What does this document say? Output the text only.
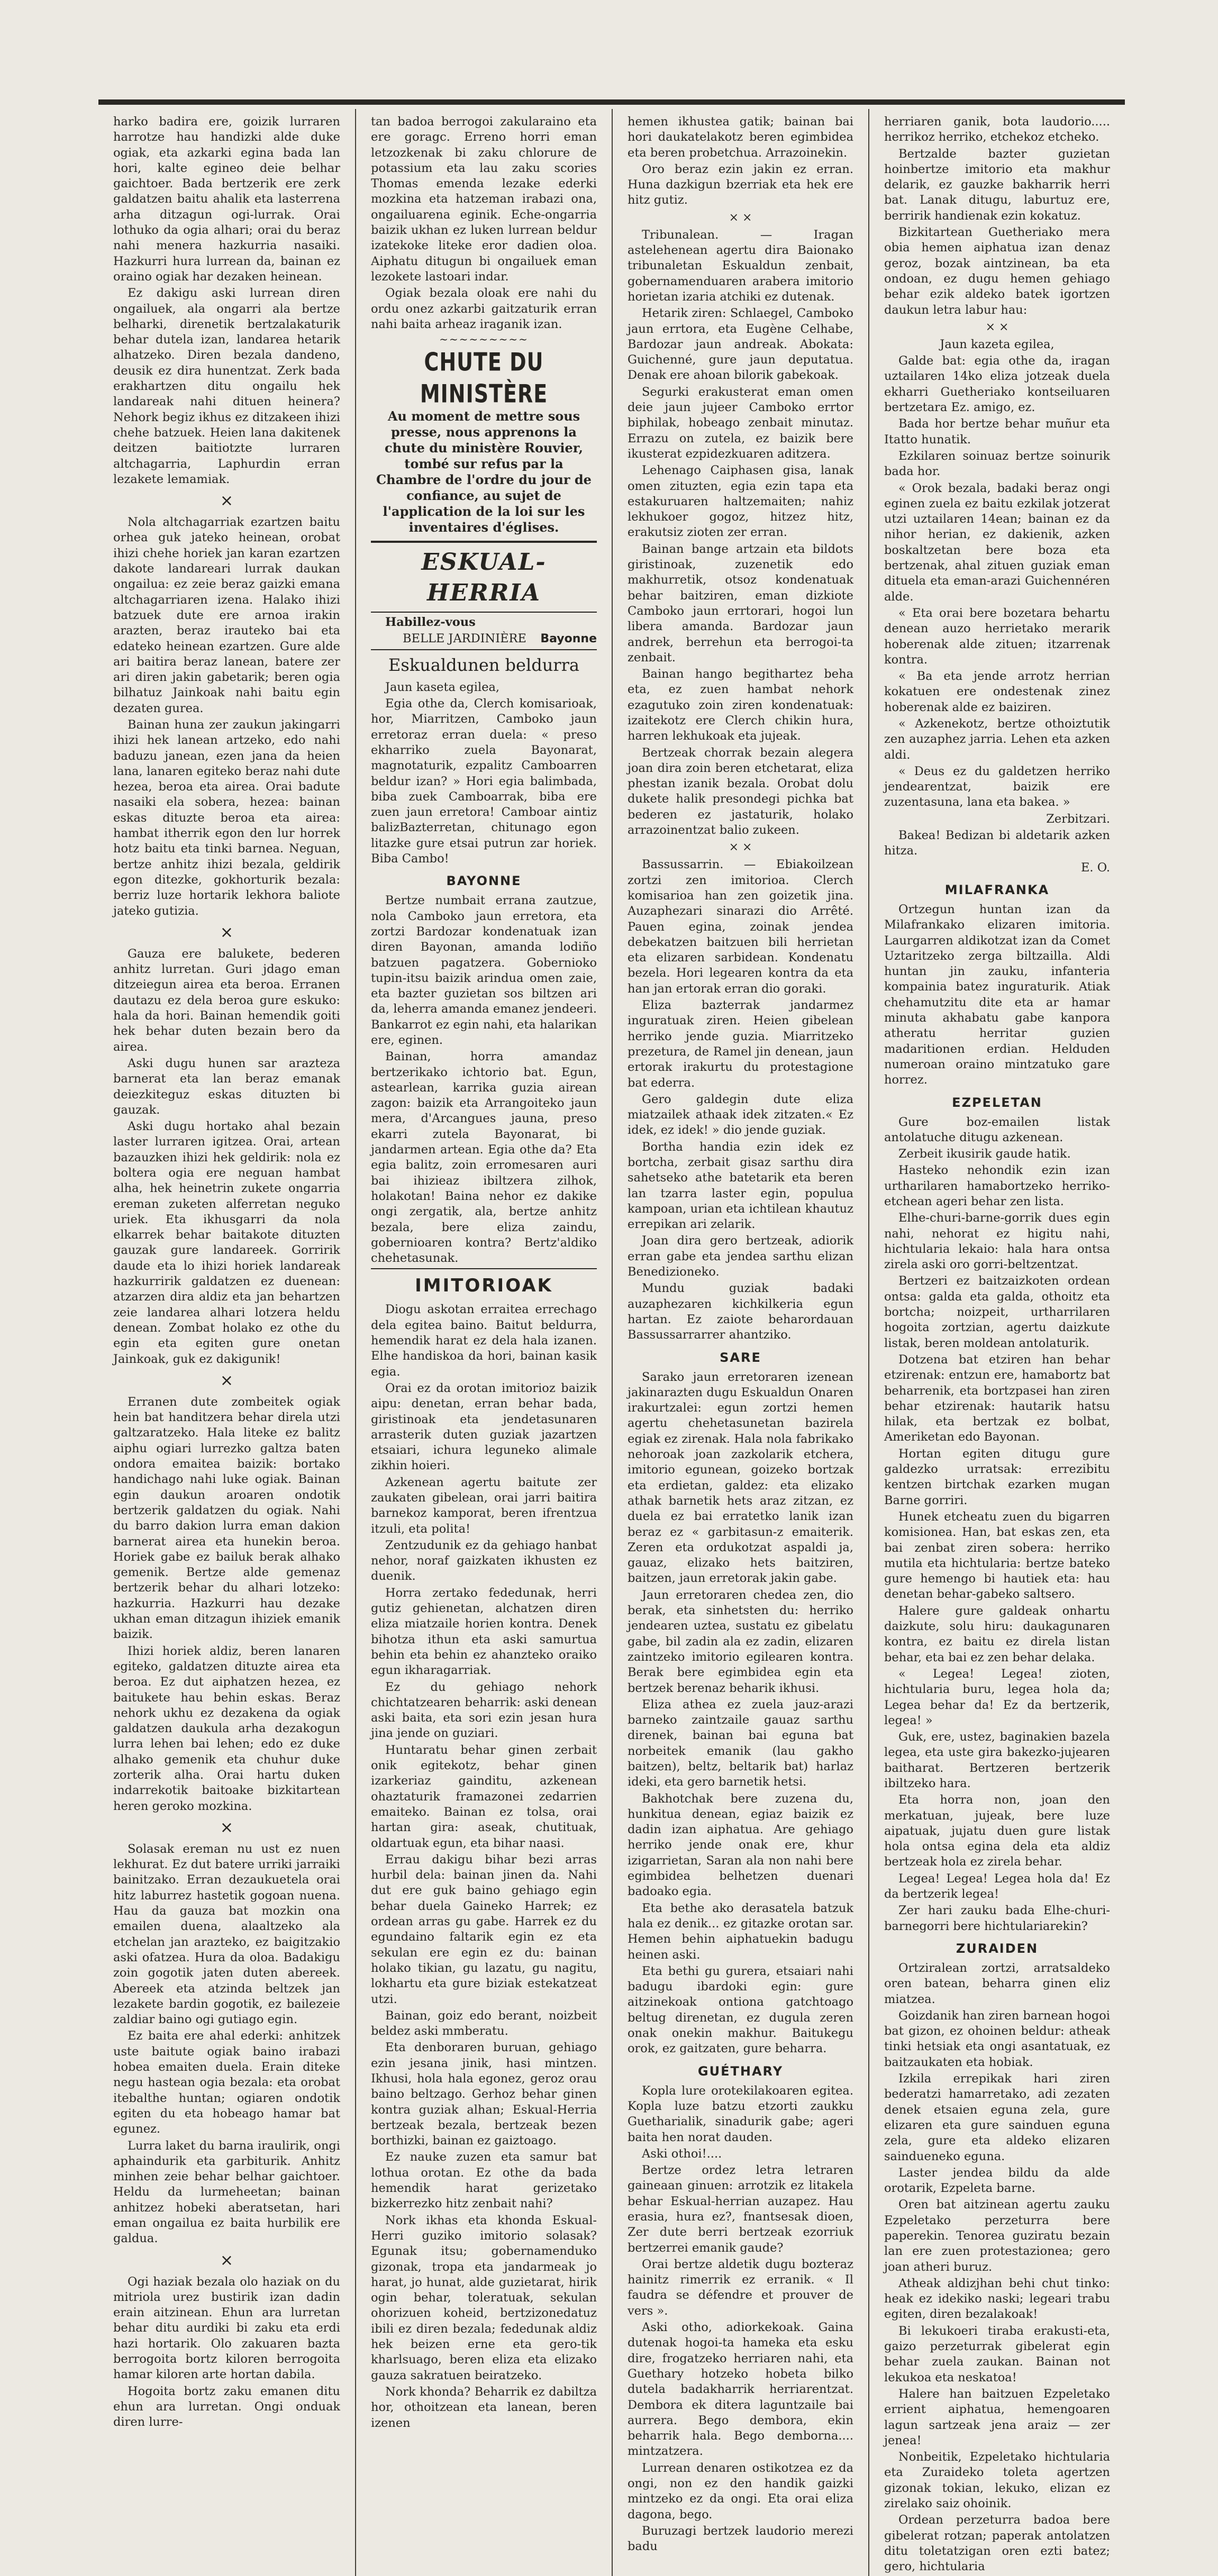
harko badira ere, goizik lurraren harrotze hau handizki alde duke ogiak, eta azkarki egina bada lan hori, kalte egineo deie belhar gaichtoer. Bada bertzerik ere zerk galdatzen baitu ahalik eta lasterrena arha ditzagun ogi-lurrak. Orai lothuko da ogia alhari; orai du beraz nahi menera hazkurria nasaiki. Hazkurri hura lurrean da, bainan ez oraino ogiak har dezaken heinean.

Ez dakigu aski lurrean diren ongailuek, ala ongarri ala bertze belharki, direnetik bertzalakaturik behar dutela izan, landarea hetarik alhatzeko. Diren bezala dandeno, deusik ez dira hunentzat. Zerk bada erakhartzen ditu ongailu hek landareak nahi dituen heinera? Nehork begiz ikhus ez ditzakeen ihizi chehe batzuek. Heien lana dakitenek deitzen baitiotzte lurraren altchagarria, Laphurdin erran lezakete lemamiak.

×

Nola altchagarriak ezartzen baitu orhea guk jateko heinean, orobat ihizi chehe horiek jan karan ezartzen dakote landareari lurrak daukan ongailua: ez zeie beraz gaizki emana altchagarriaren izena. Halako ihizi batzuek dute ere arnoa irakin arazten, beraz irauteko bai eta edateko heinean ezartzen. Gure alde ari baitira beraz lanean, batere zer ari diren jakin gabetarik; beren ogia bilhatuz Jainkoak nahi baitu egin dezaten gurea.

Bainan huna zer zaukun jakingarri ihizi hek lanean artzeko, edo nahi baduzu janean, ezen jana da heien lana, lanaren egiteko beraz nahi dute hezea, beroa eta airea. Orai badute nasaiki ela sobera, hezea: bainan eskas dituzte beroa eta airea: hambat itherrik egon den lur horrek hotz baitu eta tinki barnea. Neguan, bertze anhitz ihizi bezala, geldirik egon ditezke, gokhorturik bezala: berriz luze hortarik lekhora baliote jateko gutizia.

×

Gauza ere balukete, bederen anhitz lurretan. Guri jdago eman ditzeiegun airea eta beroa. Erranen dautazu ez dela beroa gure eskuko: hala da hori. Bainan hemendik goiti hek behar duten bezain bero da airea.

Aski dugu hunen sar arazteza barnerat eta lan beraz emanak deiezkiteguz eskas dituzten bi gauzak.

Aski dugu hortako ahal bezain laster lurraren igitzea. Orai, artean bazauzken ihizi hek geldirik: nola ez boltera ogia ere neguan hambat alha, hek heinetrin zukete ongarria ereman zuketen alferretan neguko uriek. Eta ikhusgarri da nola elkarrek behar baitakote dituzten gauzak gure landareek. Gorririk daude eta lo ihizi horiek landareak hazkurririk galdatzen ez duenean: atzarzen dira aldiz eta jan behartzen zeie landarea alhari lotzera heldu denean. Zombat holako ez othe du egin eta egiten gure onetan Jainkoak, guk ez dakigunik!

×

Erranen dute zombeitek ogiak hein bat handitzera behar direla utzi galtzaratzeko. Hala liteke ez balitz aiphu ogiari lurrezko galtza baten ondora emaitea baizik: bortako handichago nahi luke ogiak. Bainan egin daukun aroaren ondotik bertzerik galdatzen du ogiak. Nahi du barro dakion lurra eman dakion barnerat airea eta hunekin beroa. Horiek gabe ez bailuk berak alhako gemenik. Bertze alde gemenaz bertzerik behar du alhari lotzeko: hazkurria. Hazkurri hau dezake ukhan eman ditzagun ihiziek emanik baizik.

Ihizi horiek aldiz, beren lanaren egiteko, galdatzen dituzte airea eta beroa. Ez dut aiphatzen hezea, ez baitukete hau behin eskas. Beraz nehork ukhu ez dezakena da ogiak galdatzen daukula arha dezakogun lurra lehen bai lehen; edo ez duke alhako gemenik eta chuhur duke zorterik alha. Orai hartu duken indarrekotik baitoake bizkitartean heren geroko mozkina.

×

Solasak ereman nu ust ez nuen lekhurat. Ez dut batere urriki jarraiki bainitzako. Erran dezaukuetela orai hitz laburrez hastetik gogoan nuena. Hau da gauza bat mozkin ona emailen duena, alaaltzeko ala etchelan jan arazteko, ez baigitzakio aski ofatzea. Hura da oloa. Badakigu zoin gogotik jaten duten abereek. Abereek eta atzinda beltzek jan lezakete bardin gogotik, ez bailezeie zaldiar baino ogi gutiago egin.

Ez baita ere ahal ederki: anhitzek uste baitute ogiak baino irabazi hobea emaiten duela. Erain diteke negu hastean ogia bezala: eta orobat itebalthe huntan; ogiaren ondotik egiten du eta hobeago hamar bat egunez.

Lurra laket du barna iraulirik, ongi aphaindurik eta garbiturik. Anhitz minhen zeie behar belhar gaichtoer. Heldu da lurmeheetan; bainan anhitzez hobeki aberatsetan, hari eman ongailua ez baita hurbilik ere galdua.

×

Ogi haziak bezala olo haziak on du mitriola urez bustirik izan dadin erain aitzinean. Ehun ara lurretan behar ditu aurdiki bi zaku eta erdi hazi hortarik. Olo zakuaren bazta berrogoita bortz kiloren berrogoita hamar kiloren arte hortan dabila.

Hogoita bortz zaku emanen ditu ehun ara lurretan. Ongi onduak diren lurre-

tan badoa berrogoi zakularaino eta ere goragc. Erreno horri eman letzozkenak bi zaku chlorure de potassium eta lau zaku scories Thomas emenda lezake ederki mozkina eta hatzeman irabazi ona, ongailuarena eginik. Eche-ongarria baizik ukhan ez luken lurrean beldur izatekoke liteke eror dadien oloa. Aiphatu ditugun bi ongailuek eman lezokete lastoari indar.

Ogiak bezala oloak ere nahi du ordu onez azkarbi gaitzaturik erran nahi baita arheaz iraganik izan.

~~~~~~~~~
CHUTE DU MINISTÈRE
Au moment de mettre sous presse, nous apprenons la chute du ministère Rouvier, tombé sur refus par la Chambre de l'ordre du jour de confiance, au sujet de l'application de la loi sur les inventaires d'églises.
ESKUAL-HERRIA

Habillez-vous

BELLE JARDINIÈRE Bayonne
Eskualdunen beldurra

Jaun kaseta egilea,

Egia othe da, Clerch komisarioak, hor, Miarritzen, Camboko jaun erretoraz erran duela: « preso ekharriko zuela Bayonarat, magnotaturik, ezpalitz Camboarren beldur izan? » Hori egia balimbada, biba zuek Camboarrak, biba ere zuen jaun erretora! Camboar aintiz balizBazterretan, chitunago egon litazke gure etsai putrun zar horiek. Biba Cambo!

BAYONNE

Bertze numbait errana zautzue, nola Camboko jaun erretora, eta zortzi Bardozar kondenatuak izan diren Bayonan, amanda lodiño batzuen pagatzera. Gobernioko tupin-itsu baizik arindua omen zaie, eta bazter guzietan sos biltzen ari da, leherra amanda emanez jendeeri. Bankarrot ez egin nahi, eta halarikan ere, eginen.

Bainan, horra amandaz bertzerikako ichtorio bat. Egun, astearlean, karrika guzia airean zagon: baizik eta Arrangoiteko jaun mera, d'Arcangues jauna, preso ekarri zutela Bayonarat, bi jandarmen artean. Egia othe da? Eta egia balitz, zoin erromesaren auri bai ihizieaz ibiltzera zilhok, holakotan! Baina nehor ez dakike ongi zergatik, ala, bertze anhitz bezala, bere eliza zaindu, gobernioaren kontra? Bertz'aldiko chehetasunak.

IMITORIOAK

Diogu askotan erraitea errechago dela egitea baino. Baitut beldurra, hemendik harat ez dela hala izanen. Elhe handiskoa da hori, bainan kasik egia.

Orai ez da orotan imitorioz baizik aipu: denetan, erran behar bada, giristinoak eta jendetasunaren arrasterik duten guziak jazartzen etsaiari, ichura leguneko alimale zikhin hoieri.

Azkenean agertu baitute zer zaukaten gibelean, orai jarri baitira barnekoz kamporat, beren ifrentzua itzuli, eta polita!

Zentzudunik ez da gehiago hanbat nehor, noraf gaizkaten ikhusten ez duenik.

Horra zertako fededunak, herri gutiz gehienetan, alchatzen diren eliza miatzaile horien kontra. Denek bihotza ithun eta aski samurtua behin eta behin ez ahanzteko oraiko egun ikharagarriak.

Ez du gehiago nehork chichtatzearen beharrik: aski denean aski baita, eta sori ezin jesan hura jina jende on guziari.

Huntaratu behar ginen zerbait onik egitekotz, behar ginen izarkeriaz gainditu, azkenean ohaztaturik framazonei zedarrien emaiteko. Bainan ez tolsa, orai hartan gira: aseak, chutituak, oldartuak egun, eta bihar naasi.

Errau dakigu bihar bezi arras hurbil dela: bainan jinen da. Nahi dut ere guk baino gehiago egin behar duela Gaineko Harrek; ez ordean arras gu gabe. Harrek ez du egundaino faltarik egin ez eta sekulan ere egin ez du: bainan holako tikian, gu lazatu, gu nagitu, lokhartu eta gure biziak estekatzeat utzi.

Bainan, goiz edo berant, noizbeit beldez aski mmberatu.

Eta denboraren buruan, gehiago ezin jesana jinik, hasi mintzen. Ikhusi, hola hala egonez, geroz orau baino beltzago. Gerhoz behar ginen kontra guziak alhan; Eskual-Herria bertzeak bezala, bertzeak bezen borthizki, bainan ez gaiztoago.

Ez nauke zuzen eta samur bat lothua orotan. Ez othe da bada hemendik harat gerizetako bizkerrezko hitz zenbait nahi?

Nork ikhas eta khonda Eskual-Herri guziko imitorio solasak? Egunak itsu; gobernamenduko gizonak, tropa eta jandarmeak jo harat, jo hunat, alde guzietarat, hirik ogin behar, toleratuak, sekulan ohorizuen koheid, bertzizonedatuz ibili ez diren bezala; fededunak aldiz hek beizen erne eta gero-tik kharlsuago, beren eliza eta elizako gauza sakratuen beiratzeko.

Nork khonda? Beharrik ez dabiltza hor, othoitzean eta lanean, beren izenen

hemen ikhustea gatik; bainan bai hori daukatelakotz beren egimbidea eta beren probetchua. Arrazoinekin.

Oro beraz ezin jakin ez erran. Huna dazkigun bzerriak eta hek ere hitz gutiz.

× ×

Tribunalean. — Iragan astelehenean agertu dira Baionako tribunaletan Eskualdun zenbait, gobernamenduaren arabera imitorio horietan izaria atchiki ez dutenak.

Hetarik ziren: Schlaegel, Camboko jaun errtora, eta Eugène Celhabe, Bardozar jaun andreak. Abokata: Guichenné, gure jaun deputatua. Denak ere ahoan bilorik gabekoak.

Segurki erakusterat eman omen deie jaun jujeer Camboko errtor biphilak, hobeago zenbait minutaz. Errazu on zutela, ez baizik bere ikusterat ezpidezkuaren aditzera.

Lehenago Caiphasen gisa, lanak omen zituzten, egia ezin tapa eta estakuruaren haltzemaiten; nahiz lekhukoer gogoz, hitzez hitz, erakutsiz zioten zer erran.

Bainan bange artzain eta bildots giristinoak, zuzenetik edo makhurretik, otsoz kondenatuak behar baitziren, eman dizkiote Camboko jaun errtorari, hogoi lun libera amanda. Bardozar jaun andrek, berrehun eta berrogoi-ta zenbait.

Bainan hango begithartez beha eta, ez zuen hambat nehork ezagutuko zoin ziren kondenatuak: izaitekotz ere Clerch chikin hura, harren lekhukoak eta jujeak.

Bertzeak chorrak bezain alegera joan dira zoin beren etchetarat, eliza phestan izanik bezala. Orobat dolu dukete halik presondegi pichka bat bederen ez jastaturik, holako arrazoinentzat balio zukeen.

× ×

Bassussarrin. — Ebiakoilzean zortzi zen imitorioa. Clerch komisarioa han zen goizetik jina. Auzaphezari sinarazi dio Arrêté. Pauen egina, zoinak jendea debekatzen baitzuen bili herrietan eta elizaren sarbidean. Kondenatu bezela. Hori legearen kontra da eta han jan ertorak erran dio goraki.

Eliza bazterrak jandarmez inguratuak ziren. Heien gibelean herriko jende guzia. Miarritzeko prezetura, de Ramel jin denean, jaun ertorak irakurtu du protestagione bat ederra.

Gero galdegin dute eliza miatzailek athaak idek zitzaten.« Ez idek, ez idek! » dio jende guziak.

Bortha handia ezin idek ez bortcha, zerbait gisaz sarthu dira sahetseko athe batetarik eta beren lan tzarra laster egin, populua kampoan, urian eta ichtilean khautuz errepikan ari zelarik.

Joan dira gero bertzeak, adiorik erran gabe eta jendea sarthu elizan Benedizioneko.

Mundu guziak badaki auzaphezaren kichkilkeria egun hartan. Ez zaiote beharordauan Bassussarrarrer ahantziko.

SARE

Sarako jaun erretoraren izenean jakinarazten dugu Eskualdun Onaren irakurtzalei: egun zortzi hemen agertu chehetasunetan bazirela egiak ez zirenak. Hala nola fabrikako nehoroak joan zazkolarik etchera, imitorio egunean, goizeko bortzak eta erdietan, galdez: eta elizako athak barnetik hets araz zitzan, ez duela ez bai erratetko lanik izan beraz ez « garbitasun-z emaiterik. Zeren eta ordukotzat aspaldi ja, gauaz, elizako hets baitziren, baitzen, jaun erretorak jakin gabe.

Jaun erretoraren chedea zen, dio berak, eta sinhetsten du: herriko jendearen uztea, sustatu ez gibelatu gabe, bil zadin ala ez zadin, elizaren zaintzeko imitorio egilearen kontra. Berak bere egimbidea egin eta bertzek berenaz beharik ikhusi.

Eliza athea ez zuela jauz-arazi barneko zaintzaile gauaz sarthu direnek, bainan bai eguna bat norbeitek emanik (lau gakho baitzen), beltz, beltarik bat) harlaz ideki, eta gero barnetik hetsi.

Bakhotchak bere zuzena du, hunkitua denean, egiaz baizik ez dadin izan aiphatua. Are gehiago herriko jende onak ere, khur izigarrietan, Saran ala non nahi bere egimbidea belhetzen duenari badoako egia.

Eta bethe ako derasatela batzuk hala ez denik... ez gitazke orotan sar. Hemen behin aiphatuekin badugu heinen aski.

Eta bethi gu gurera, etsaiari nahi badugu ibardoki egin: gure aitzinekoak ontiona gatchtoago beltug direnetan, ez dugula zeren onak onekin makhur. Baitukegu orok, ez gaitzaten, gure beharra.

GUÉTHARY

Kopla lure orotekilakoaren egitea. Kopla luze batzu etzorti zaukku Guetharialik, sinadurik gabe; ageri baita hen norat dauden.

Aski othoi!....

Bertze ordez letra letraren gaineaan ginuen: arrotzik ez litakela behar Eskual-herrian auzapez. Hau erasia, hura ez?, fnantsesak dioen, Zer dute berri bertzeak ezorriuk bertzerrei emanik gaude?

Orai bertze aldetik dugu bozteraz hainitz rimerrik ez erranik. « Il faudra se défendre et prouver de vers ».

Aski otho, adiorkekoak. Gaina dutenak hogoi-ta hameka eta esku dire, frogatzeko herriaren nahi, eta Guethary hotzeko hobeta bilko dutela badakharrik herriarentzat. Dembora ek ditera laguntzaile bai aurrera. Bego dembora, ekin beharrik hala. Bego demborna.... mintzatzera.

Lurrean denaren ostikotzea ez da ongi, non ez den handik gaizki mintzeko ez da ongi. Eta orai eliza dagona, bego.

Buruzagi bertzek laudorio merezi badu

herriaren ganik, bota laudorio..... herrikoz herriko, etchekoz etcheko.

Bertzalde bazter guzietan hoinbertze imitorio eta makhur delarik, ez gauzke bakharrik herri bat. Lanak ditugu, laburtuz ere, berririk handienak ezin kokatuz.

Bizkitartean Guetheriako mera obia hemen aiphatua izan denaz geroz, bozak aintzinean, ba eta ondoan, ez dugu hemen gehiago behar ezik aldeko batek igortzen daukun letra labur hau:

× ×

Jaun kazeta egilea,

Galde bat: egia othe da, iragan uztailaren 14ko eliza jotzeak duela ekharri Guetheriako kontseiluaren bertzetara Ez. amigo, ez.

Bada hor bertze behar muñur eta Itatto hunatik.

Ezkilaren soinuaz bertze soinurik bada hor.

« Orok bezala, badaki beraz ongi eginen zuela ez baitu ezkilak jotzerat utzi uztailaren 14ean; bainan ez da nihor herian, ez dakienik, azken boskaltzetan bere boza eta bertzenak, ahal zituen guziak eman dituela eta eman-arazi Guichennéren alde.

« Eta orai bere bozetara behartu denean auzo herrietako merarik hoberenak alde zituen; itzarrenak kontra.

« Ba eta jende arrotz herrian kokatuen ere ondestenak zinez hoberenak alde ez baiziren.

« Azkenekotz, bertze othoiztutik zen auzaphez jarria. Lehen eta azken aldi.

« Deus ez du galdetzen herriko jendearentzat, baizik ere zuzentasuna, lana eta bakea. »

Zerbitzari.

Bakea! Bedizan bi aldetarik azken hitza.

E. O.

MILAFRANKA

Ortzegun huntan izan da Milafrankako elizaren imitoria. Laurgarren aldikotzat izan da Comet Uztaritzeko zerga biltzailla. Aldi huntan jin zauku, infanteria kompainia batez inguraturik. Atiak chehamutzitu dite eta ar hamar minuta akhabatu gabe kanpora atheratu herritar guzien madaritionen erdian. Helduden numeroan oraino mintzatuko gare horrez.

EZPELETAN

Gure boz-emailen listak antolatuche ditugu azkenean.

Zerbeit ikusirik gaude hatik.

Hasteko nehondik ezin izan urtharilaren hamabortzeko herriko-etchean ageri behar zen lista.

Elhe-churi-barne-gorrik dues egin nahi, nehorat ez higitu nahi, hichtularia lekaio: hala hara ontsa zirela aski oro gorri-beltzentzat.

Bertzeri ez baitzaizkoten ordean ontsa: galda eta galda, othoitz eta bortcha; noizpeit, urtharrilaren hogoita zortzian, agertu daizkute listak, beren moldean antolaturik.

Dotzena bat etziren han behar etzirenak: entzun ere, hamabortz bat beharrenik, eta bortzpasei han ziren behar etzirenak: hautarik hatsu hilak, eta bertzak ez bolbat, Ameriketan edo Bayonan.

Hortan egiten ditugu gure galdezko urratsak: errezibitu kentzen birtchak ezarken mugan Barne gorriri.

Hunek etcheatu zuen du bigarren komisionea. Han, bat eskas zen, eta bai zenbat ziren sobera: herriko mutila eta hichtularia: bertze bateko gure hemengo bi hautiek eta: hau denetan behar-gabeko saltsero.

Halere gure galdeak onhartu daizkute, solu hiru: daukagunaren kontra, ez baitu ez direla listan behar, eta bai ez zen behar delaka.

« Legea! Legea! zioten, hichtularia buru, legea hola da; Legea behar da! Ez da bertzerik, legea! »

Guk, ere, ustez, baginakien bazela legea, eta uste gira bakezko-jujearen baitharat. Bertzeren bertzerik ibiltzeko hara.

Eta horra non, joan den merkatuan, jujeak, bere luze aipatuak, jujatu duen gure listak hola ontsa egina dela eta aldiz bertzeak hola ez zirela behar.

Legea! Legea! Legea hola da! Ez da bertzerik legea!

Zer hari zauku bada Elhe-churi-barnegorri bere hichtulariarekin?

ZURAIDEN

Ortziralean zortzi, arratsaldeko oren batean, beharra ginen eliz miatzea.

Goizdanik han ziren barnean hogoi bat gizon, ez ohoinen beldur: atheak tinki hetsiak eta ongi asantatuak, ez baitzaukaten eta hobiak.

Izkila errepikak hari ziren bederatzi hamarretako, adi zezaten denek etsaien eguna zela, gure elizaren eta gure sainduen eguna zela, gure eta aldeko elizaren saindueneko eguna.

Laster jendea bildu da alde orotarik, Ezpeleta barne.

Oren bat aitzinean agertu zauku Ezpeletako perzeturra bere paperekin. Tenorea guziratu bezain lan ere zuen protestazionea; gero joan atheri buruz.

Atheak aldizjhan behi chut tinko: heak ez idekiko naski; legeari trabu egiten, diren bezalakoak!

Bi lekukoeri tiraba erakusti-eta, gaizo perzeturrak gibelerat egin behar zuela zaukan. Bainan not lekukoa eta neskatoa!

Halere han baitzuen Ezpeletako errient aiphatua, hemengoaren lagun sartzeak jena araiz — zer jenea!

Nonbeitik, Ezpeletako hichtularia eta Zuraideko toleta agertzen gizonak tokian, lekuko, elizan ez zirelako saiz ohoinik.

Ordean perzeturra badoa bere gibelerat rotzan; paperak antolatzen ditu toletatzigan oren ezti batez; gero, hichtularia
